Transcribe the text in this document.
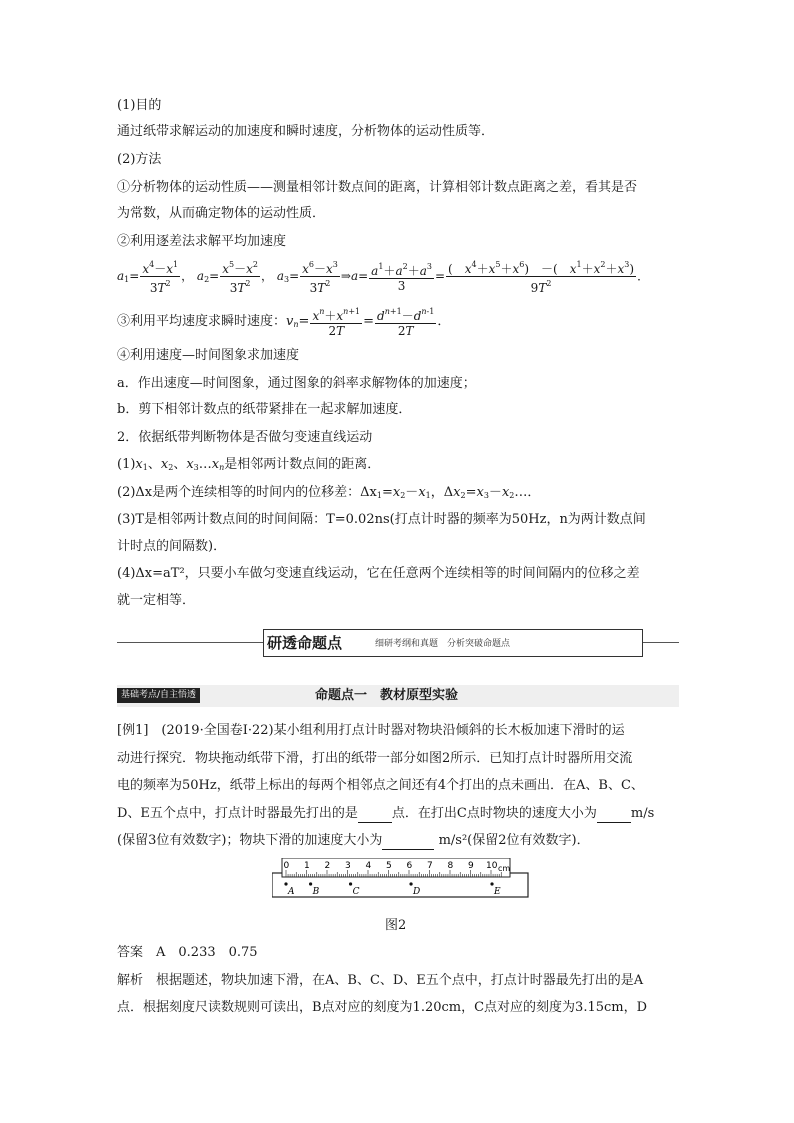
(1)目的
通过纸带求解运动的加速度和瞬时速度，分析物体的运动性质等．
(2)方法
①分析物体的运动性质——测量相邻计数点间的距离，计算相邻计数点距离之差，看其是否
为常数，从而确定物体的运动性质．
②利用逐差法求解平均加速度
$a_1= \frac{x^4-x^1}{3T^2}$ ， $a_2= \frac{x^5-x^2}{3T^2}$ ， $a_3= \frac{x^6-x^3}{3T^2}$ ⇒a= $\frac{a^1+a^2+a^3}{3} = \frac{( x^4+x^5+x^6) -( x^1+x^2+x^3)}{9T^2}$ ．
③利用平均速度求瞬时速度：$v_n= \frac{x^n+x^{n+1}}{2T} = \frac{d^{n+1}-d^{n-1}}{2T}$ ．
④利用速度—时间图象求加速度
a．作出速度—时间图象，通过图象的斜率求解物体的加速度；
b．剪下相邻计数点的纸带紧排在一起求解加速度．
2．依据纸带判断物体是否做匀变速直线运动
$(1)x_1$、$x_2$、$x_3\dots x_n$是相邻两计数点间的距离．
(2)Δx是两个连续相等的时间内的位移差：$\Delta x_1=x_2-x_1$，$\Delta x_2=x_3-x_2\dots$．
(3)T是相邻两计数点间的时间间隔：T=0.02ns(打点计时器的频率为50Hz，n为两计数点间
计时点的间隔数)．
(4)Δx=aT²，只要小车做匀变速直线运动，它在任意两个连续相等的时间间隔内的位移之差
就一定相等．
研透命题点	细研考纲和真题　分析突破命题点
基础考点/自主悟透	命题点一　教材原型实验
[例1]　(2019·全国卷Ⅰ·22)某小组利用打点计时器对物块沿倾斜的长木板加速下滑时的运
动进行探究．物块拖动纸带下滑，打出的纸带一部分如图2所示．已知打点计时器所用交流
电的频率为50Hz，纸带上标出的每两个相邻点之间还有4个打出的点未画出．在A、B、C、
D、E五个点中，打点计时器最先打出的是	点．在打出C点时物块的速度大小为	m/s
(保留3位有效数字)；物块下滑的加速度大小为	m/s²(保留2位有效数字)．
0 1 2 3 4 5 6 7 8 9 10 cm
A B	C	D	E
图2
答案　A　0.233　0.75
解析　根据题述，物块加速下滑，在A、B、C、D、E五个点中，打点计时器最先打出的是A
点．根据刻度尺读数规则可读出，B点对应的刻度为1.20cm，C点对应的刻度为3.15cm，D
